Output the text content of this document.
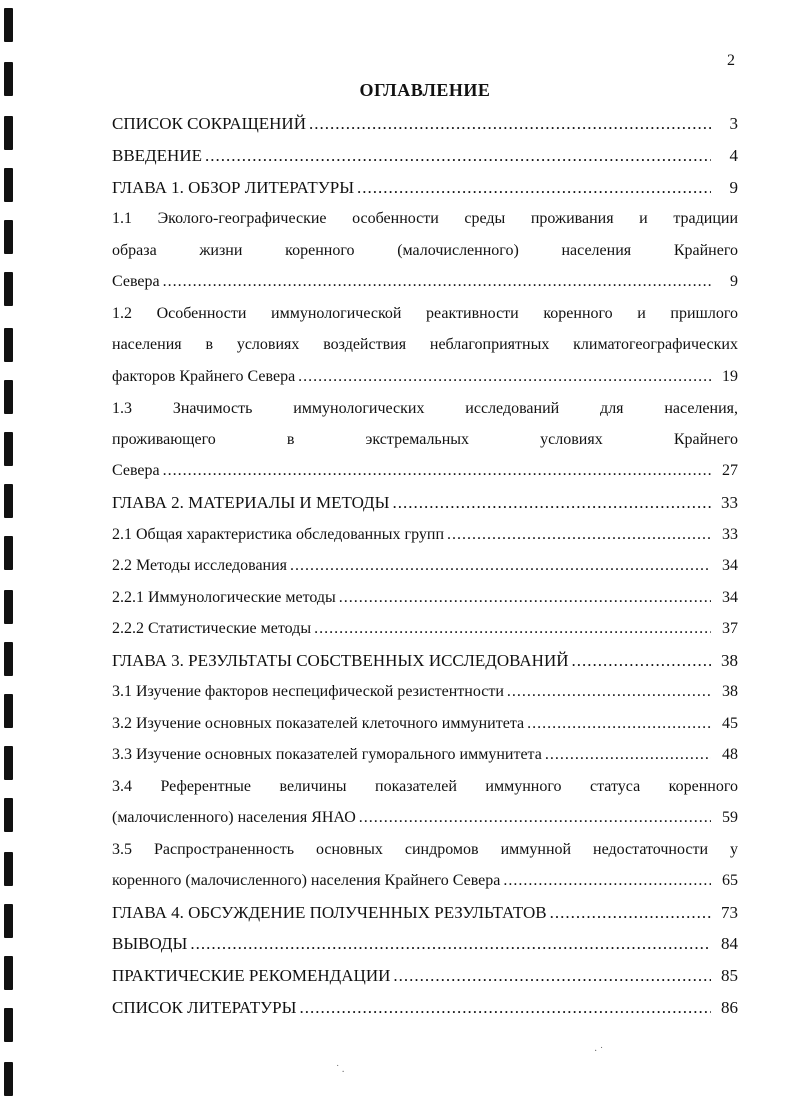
2
ОГЛАВЛЕНИЕ
СПИСОК СОКРАЩЕНИЙ .....	3
ВВЕДЕНИЕ .....	4
ГЛАВА 1. ОБЗОР ЛИТЕРАТУРЫ .....	9
1.1 Эколого-географические особенности среды проживания и традиции
образа жизни коренного (малочисленного) населения Крайнего
Севера .....	9
1.2 Особенности иммунологической реактивности коренного и пришлого
населения в условиях воздействия неблагоприятных климатогеографических
факторов Крайнего Севера .....	19
1.3 Значимость иммунологических исследований для населения,
проживающего в экстремальных условиях Крайнего
Севера .....	27
ГЛАВА 2. МАТЕРИАЛЫ И МЕТОДЫ .....	33
2.1 Общая характеристика обследованных групп .....	33
2.2 Методы исследования .....	34
2.2.1 Иммунологические методы .....	34
2.2.2 Статистические методы .....	37
ГЛАВА 3. РЕЗУЛЬТАТЫ СОБСТВЕННЫХ ИССЛЕДОВАНИЙ .....	38
3.1 Изучение факторов неспецифической резистентности .....	38
3.2 Изучение основных показателей клеточного иммунитета .....	45
3.3 Изучение основных показателей гуморального иммунитета .....	48
3.4 Референтные величины показателей иммунного статуса коренного
(малочисленного) населения ЯНАО .....	59
3.5 Распространенность основных синдромов иммунной недостаточности у
коренного (малочисленного) населения Крайнего Севера .....	65
ГЛАВА 4. ОБСУЖДЕНИЕ ПОЛУЧЕННЫХ РЕЗУЛЬТАТОВ .....	73
ВЫВОДЫ .....	84
ПРАКТИЧЕСКИЕ РЕКОМЕНДАЦИИ .....	85
СПИСОК ЛИТЕРАТУРЫ .....	86
· ˙
˙ .
